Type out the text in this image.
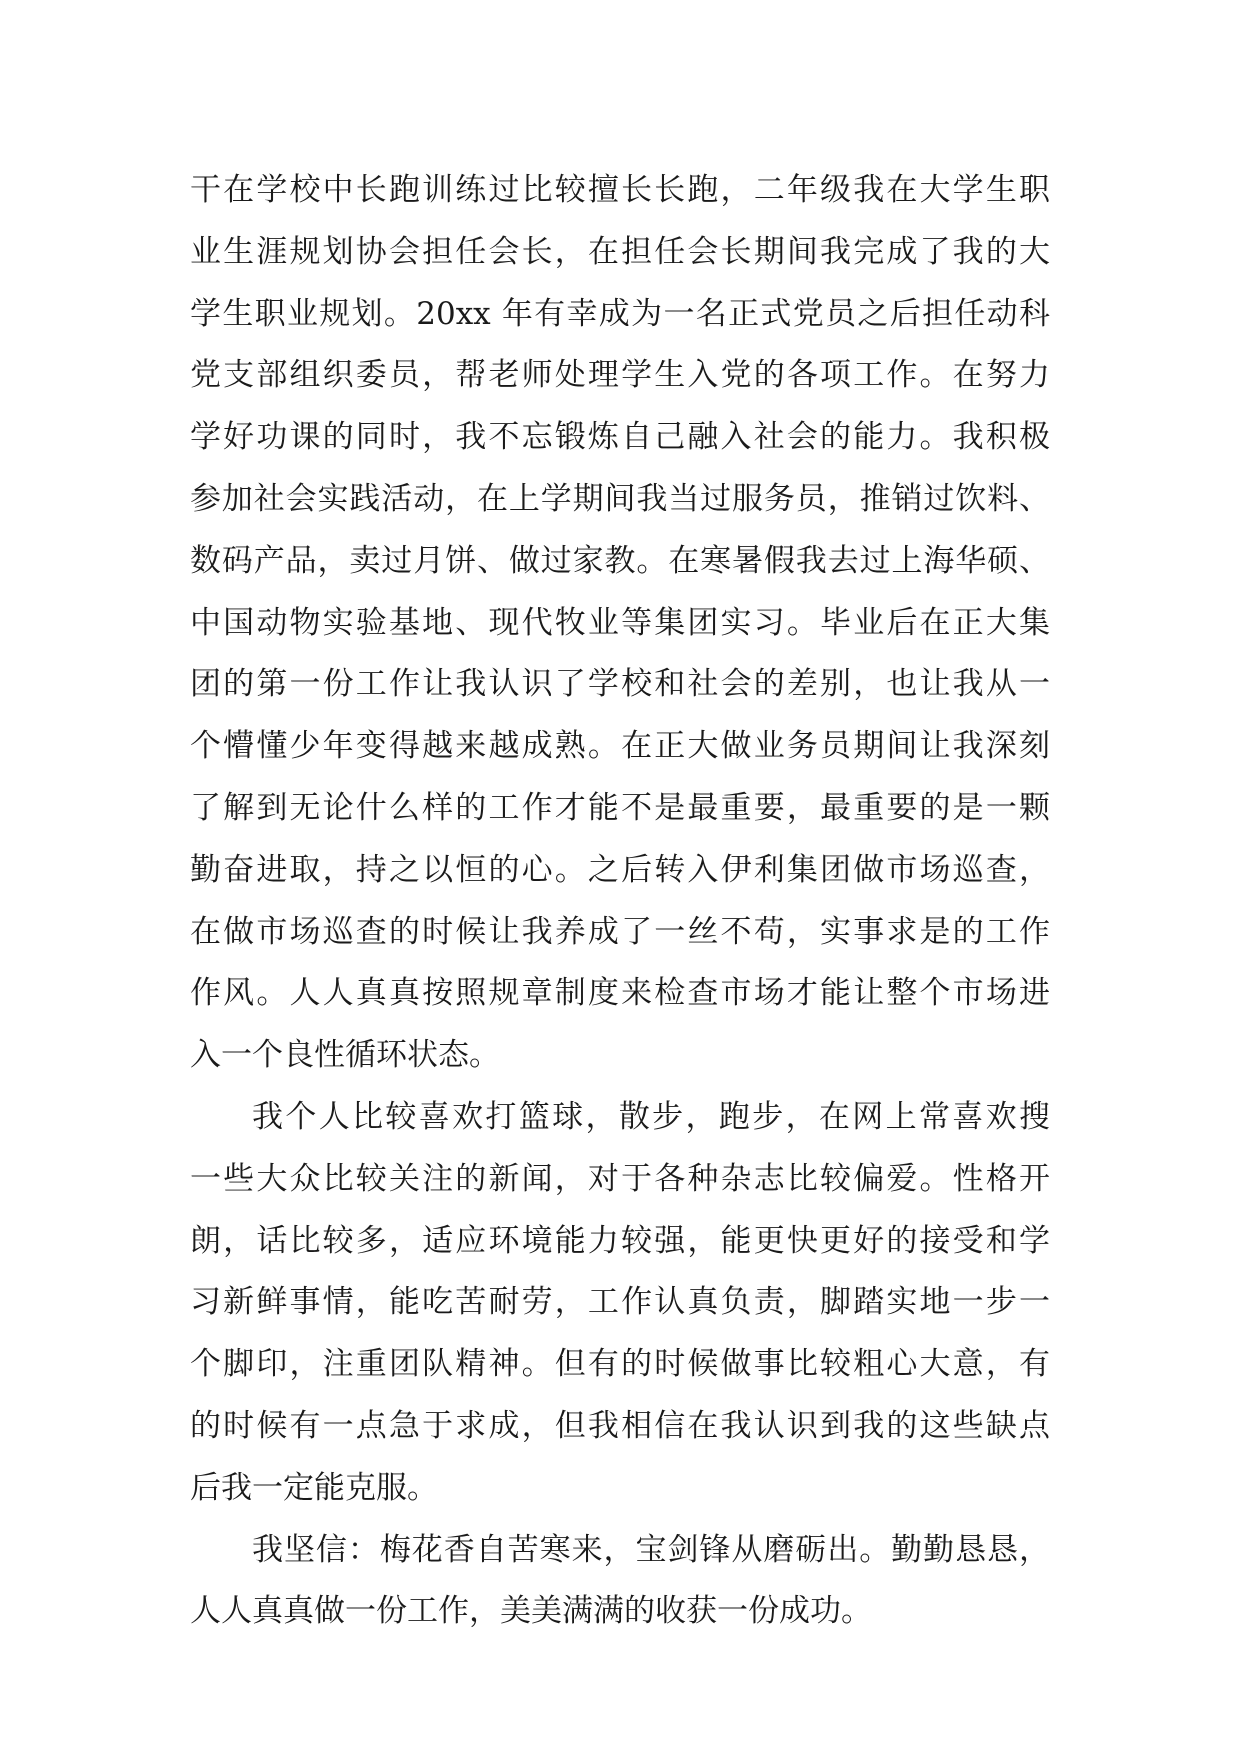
干在学校中长跑训练过比较擅长长跑，二年级我在大学生职
业生涯规划协会担任会长，在担任会长期间我完成了我的大
学生职业规划。20xx 年有幸成为一名正式党员之后担任动科
党支部组织委员，帮老师处理学生入党的各项工作。在努力
学好功课的同时，我不忘锻炼自己融入社会的能力。我积极
参加社会实践活动，在上学期间我当过服务员，推销过饮料、
数码产品，卖过月饼、做过家教。在寒暑假我去过上海华硕、
中国动物实验基地、现代牧业等集团实习。毕业后在正大集
团的第一份工作让我认识了学校和社会的差别，也让我从一
个懵懂少年变得越来越成熟。在正大做业务员期间让我深刻
了解到无论什么样的工作才能不是最重要，最重要的是一颗
勤奋进取，持之以恒的心。之后转入伊利集团做市场巡查，
在做市场巡查的时候让我养成了一丝不苟，实事求是的工作
作风。人人真真按照规章制度来检查市场才能让整个市场进
入一个良性循环状态。
我个人比较喜欢打篮球，散步，跑步，在网上常喜欢搜
一些大众比较关注的新闻，对于各种杂志比较偏爱。性格开
朗，话比较多，适应环境能力较强，能更快更好的接受和学
习新鲜事情，能吃苦耐劳，工作认真负责，脚踏实地一步一
个脚印，注重团队精神。但有的时候做事比较粗心大意，有
的时候有一点急于求成，但我相信在我认识到我的这些缺点
后我一定能克服。
我坚信：梅花香自苦寒来，宝剑锋从磨砺出。勤勤恳恳，
人人真真做一份工作，美美满满的收获一份成功。
